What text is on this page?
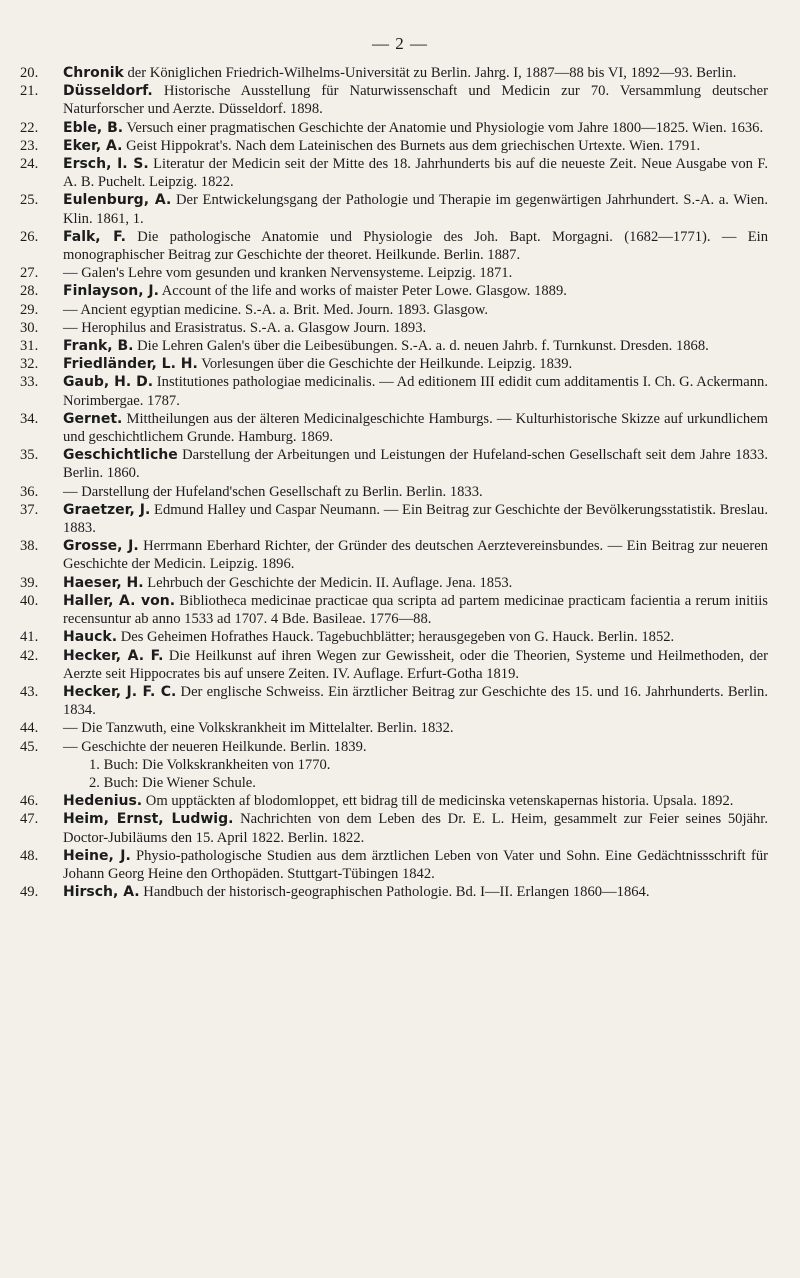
— 2 —
20.	Chronik der Königlichen Friedrich-Wilhelms-Universität zu Berlin. Jahrg. I, 1887—88 bis VI, 1892—93. Berlin.
21.	Düsseldorf. Historische Ausstellung für Naturwissenschaft und Medicin zur 70. Versammlung deutscher Naturforscher und Aerzte. Düsseldorf. 1898.
22.	Eble, B. Versuch einer pragmatischen Geschichte der Anatomie und Physiologie vom Jahre 1800—1825. Wien. 1636.
23.	Eker, A. Geist Hippokrat's. Nach dem Lateinischen des Burnets aus dem griechischen Urtexte. Wien. 1791.
24.	Ersch, I. S. Literatur der Medicin seit der Mitte des 18. Jahrhunderts bis auf die neueste Zeit. Neue Ausgabe von F. A. B. Puchelt. Leipzig. 1822.
25.	Eulenburg, A. Der Entwickelungsgang der Pathologie und Therapie im gegenwärtigen Jahrhundert. S.-A. a. Wien. Klin. 1861, 1.
26.	Falk, F. Die pathologische Anatomie und Physiologie des Joh. Bapt. Morgagni. (1682—1771). — Ein monographischer Beitrag zur Geschichte der theoret. Heilkunde. Berlin. 1887.
27.	— Galen's Lehre vom gesunden und kranken Nervensysteme. Leipzig. 1871.
28.	Finlayson, J. Account of the life and works of maister Peter Lowe. Glasgow. 1889.
29.	— Ancient egyptian medicine. S.-A. a. Brit. Med. Journ. 1893. Glasgow.
30.	— Herophilus and Erasistratus. S.-A. a. Glasgow Journ. 1893.
31.	Frank, B. Die Lehren Galen's über die Leibesübungen. S.-A. a. d. neuen Jahrb. f. Turnkunst. Dresden. 1868.
32.	Friedländer, L. H. Vorlesungen über die Geschichte der Heilkunde. Leipzig. 1839.
33.	Gaub, H. D. Institutiones pathologiae medicinalis. — Ad editionem III edidit cum additamentis I. Ch. G. Ackermann. Norimbergae. 1787.
34.	Gernet. Mittheilungen aus der älteren Medicinalgeschichte Hamburgs. — Kulturhistorische Skizze auf urkundlichem und geschichtlichem Grunde. Hamburg. 1869.
35.	Geschichtliche Darstellung der Arbeitungen und Leistungen der Hufeland-schen Gesellschaft seit dem Jahre 1833. Berlin. 1860.
36.	— Darstellung der Hufeland'schen Gesellschaft zu Berlin. Berlin. 1833.
37.	Graetzer, J. Edmund Halley und Caspar Neumann. — Ein Beitrag zur Geschichte der Bevölkerungsstatistik. Breslau. 1883.
38.	Grosse, J. Herrmann Eberhard Richter, der Gründer des deutschen Aerztevereinsbundes. — Ein Beitrag zur neueren Geschichte der Medicin. Leipzig. 1896.
39.	Haeser, H. Lehrbuch der Geschichte der Medicin. II. Auflage. Jena. 1853.
40.	Haller, A. von. Bibliotheca medicinae practicae qua scripta ad partem medicinae practicam facientia a rerum initiis recensuntur ab anno 1533 ad 1707. 4 Bde. Basileae. 1776—88.
41.	Hauck. Des Geheimen Hofrathes Hauck. Tagebuchblätter; herausgegeben von G. Hauck. Berlin. 1852.
42.	Hecker, A. F. Die Heilkunst auf ihren Wegen zur Gewissheit, oder die Theorien, Systeme und Heilmethoden, der Aerzte seit Hippocrates bis auf unsere Zeiten. IV. Auflage. Erfurt-Gotha 1819.
43.	Hecker, J. F. C. Der englische Schweiss. Ein ärztlicher Beitrag zur Geschichte des 15. und 16. Jahrhunderts. Berlin. 1834.
44.	— Die Tanzwuth, eine Volkskrankheit im Mittelalter. Berlin. 1832.
45.	— Geschichte der neueren Heilkunde. Berlin. 1839.
1. Buch: Die Volkskrankheiten von 1770.
2. Buch: Die Wiener Schule.
46.	Hedenius. Om upptäckten af blodomloppet, ett bidrag till de medicinska vetenskapernas historia. Upsala. 1892.
47.	Heim, Ernst, Ludwig. Nachrichten von dem Leben des Dr. E. L. Heim, gesammelt zur Feier seines 50jähr. Doctor-Jubiläums den 15. April 1822. Berlin. 1822.
48.	Heine, J. Physio-pathologische Studien aus dem ärztlichen Leben von Vater und Sohn. Eine Gedächtnissschrift für Johann Georg Heine den Orthopäden. Stuttgart-Tübingen 1842.
49.	Hirsch, A. Handbuch der historisch-geographischen Pathologie. Bd. I—II. Erlangen 1860—1864.
